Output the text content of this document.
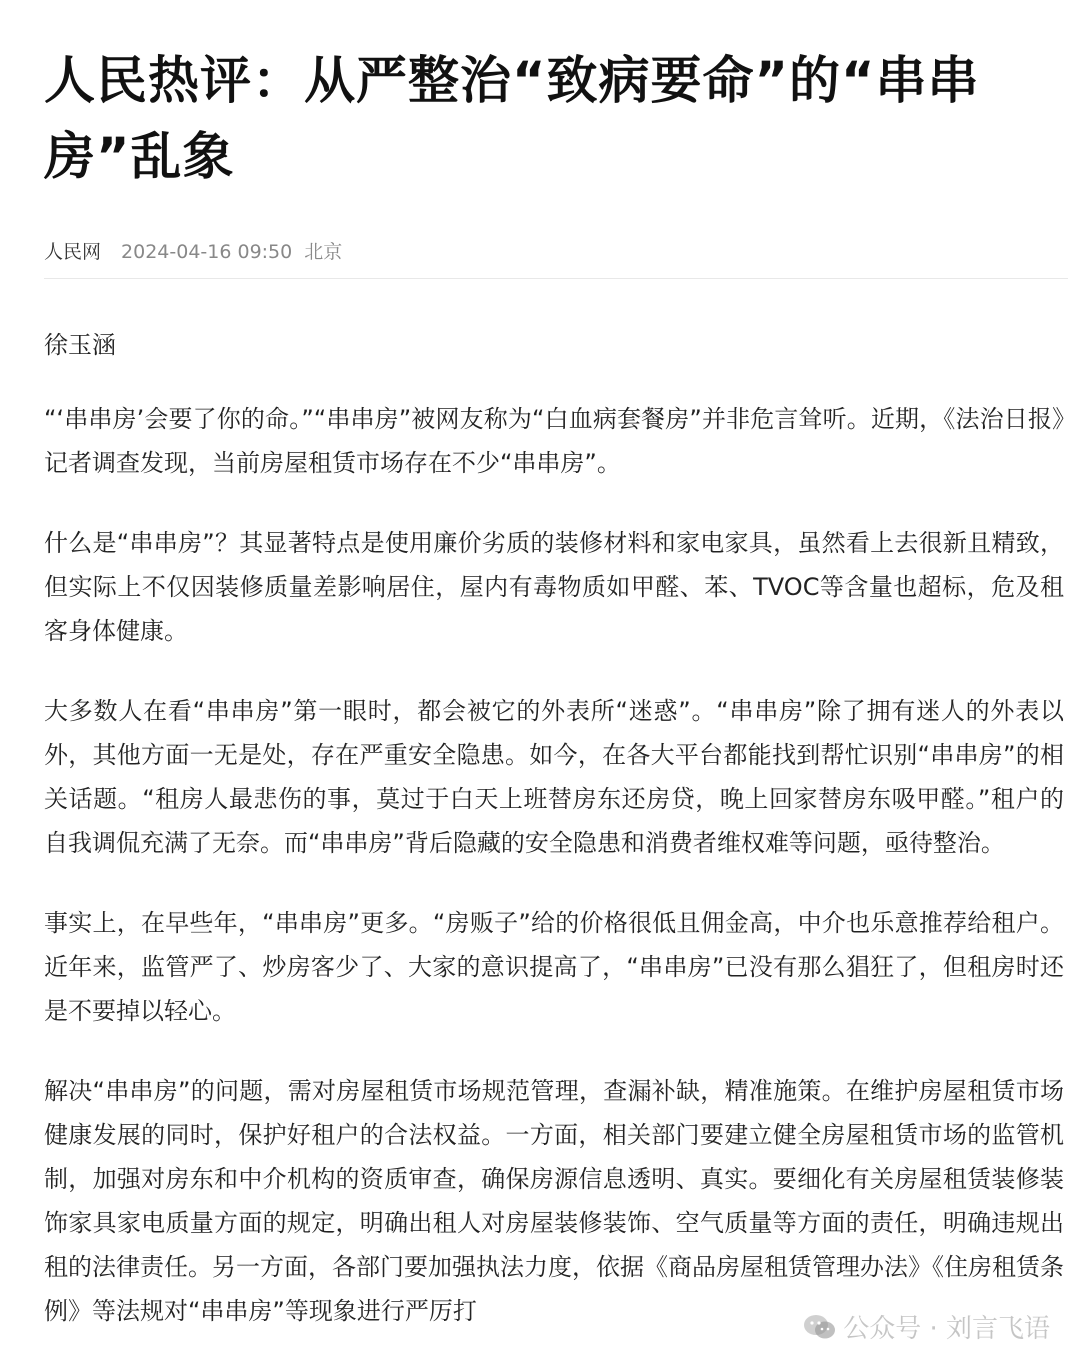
人民热评：从严整治“致病要命”的“串串房”乱象
人民网 2024-04-16 09:50 北京
徐玉涵

“‘串串房’会要了你的命。”“串串房”被网友称为“白血病套餐房”并非危言耸听。近期，《法治日报》记者调查发现，当前房屋租赁市场存在不少“串串房”。

什么是“串串房”？其显著特点是使用廉价劣质的装修材料和家电家具，虽然看上去很新且精致，但实际上不仅因装修质量差影响居住，屋内有毒物质如甲醛、苯、TVOC等含量也超标，危及租客身体健康。

大多数人在看“串串房”第一眼时，都会被它的外表所“迷惑”。“串串房”除了拥有迷人的外表以外，其他方面一无是处，存在严重安全隐患。如今，在各大平台都能找到帮忙识别“串串房”的相关话题。“租房人最悲伤的事，莫过于白天上班替房东还房贷，晚上回家替房东吸甲醛。”租户的自我调侃充满了无奈。而“串串房”背后隐藏的安全隐患和消费者维权难等问题，亟待整治。

事实上，在早些年，“串串房”更多。“房贩子”给的价格很低且佣金高，中介也乐意推荐给租户。近年来，监管严了、炒房客少了、大家的意识提高了，“串串房”已没有那么猖狂了，但租房时还是不要掉以轻心。

解决“串串房”的问题，需对房屋租赁市场规范管理，查漏补缺，精准施策。在维护房屋租赁市场健康发展的同时，保护好租户的合法权益。一方面，相关部门要建立健全房屋租赁市场的监管机制，加强对房东和中介机构的资质审查，确保房源信息透明、真实。要细化有关房屋租赁装修装饰家具家电质量方面的规定，明确出租人对房屋装修装饰、空气质量等方面的责任，明确违规出租的法律责任。另一方面，各部门要加强执法力度，依据《商品房屋租赁管理办法》《住房租赁条例》等法规对“串串房”等现象进行严厉打

公众号 · 刘言飞语
